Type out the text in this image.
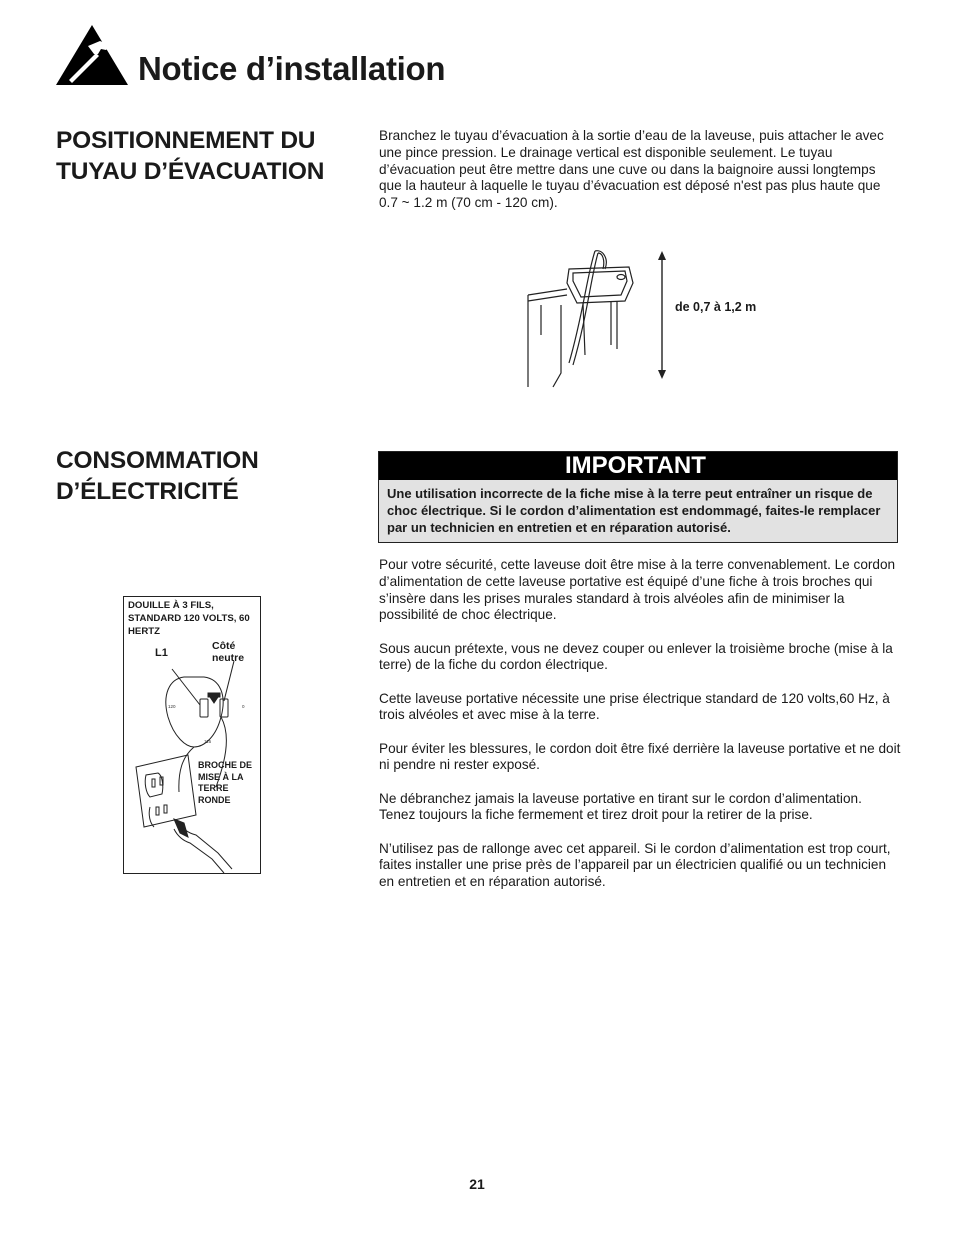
Notice d’installation
POSITIONNEMENT DU TUYAU D’ÉVACUATION

Branchez le tuyau d’évacuation à la sortie d’eau de la laveuse, puis attacher le avec une pince pression. Le drainage vertical est disponible seulement. Le tuyau d’évacuation peut être mettre dans une cuve ou dans la baignoire aussi longtemps que la hauteur à laquelle le tuyau d’évacuation est déposé n'est pas plus haute que 0.7 ~ 1.2 m (70 cm - 120 cm).

de 0,7 à 1,2 m
CONSOMMATION D’ÉLECTRICITÉ
IMPORTANT
Une utilisation incorrecte de la fiche mise à la terre peut entraîner un risque de choc électrique. Si le cordon d’alimentation est endommagé, faites-le remplacer par un technicien en entretien et en réparation autorisé.

Pour votre sécurité, cette laveuse doit être mise à la terre convenablement. Le cordon d’alimentation de cette laveuse portative est équipé d’une fiche à trois broches qui s’insère dans les prises murales standard à trois alvéoles afin de minimiser la possibilité de choc électrique.

Sous aucun prétexte, vous ne devez couper ou enlever la troisième broche (mise à la terre) de la fiche du cordon électrique.

Cette laveuse portative nécessite une prise électrique standard de 120 volts,60 Hz, à trois alvéoles et avec mise à la terre.

Pour éviter les blessures, le cordon doit être fixé derrière la laveuse portative et ne doit ni pendre ni rester exposé.

Ne débranchez jamais la laveuse portative en tirant sur le cordon d’alimentation. Tenez toujours la fiche fermement et tirez droit pour la retirer de la prise.

N’utilisez pas de rallonge avec cet appareil. Si le cordon d’alimentation est trop court, faites installer une prise près de l’appareil par un électricien qualifié ou un technicien en entretien et en réparation autorisé.

120	0
115
DOUILLE À 3 FILS, STANDARD 120 VOLTS, 60 HERTZ
L1
Côté neutre
BROCHE DE MISE À LA TERRE RONDE
21
